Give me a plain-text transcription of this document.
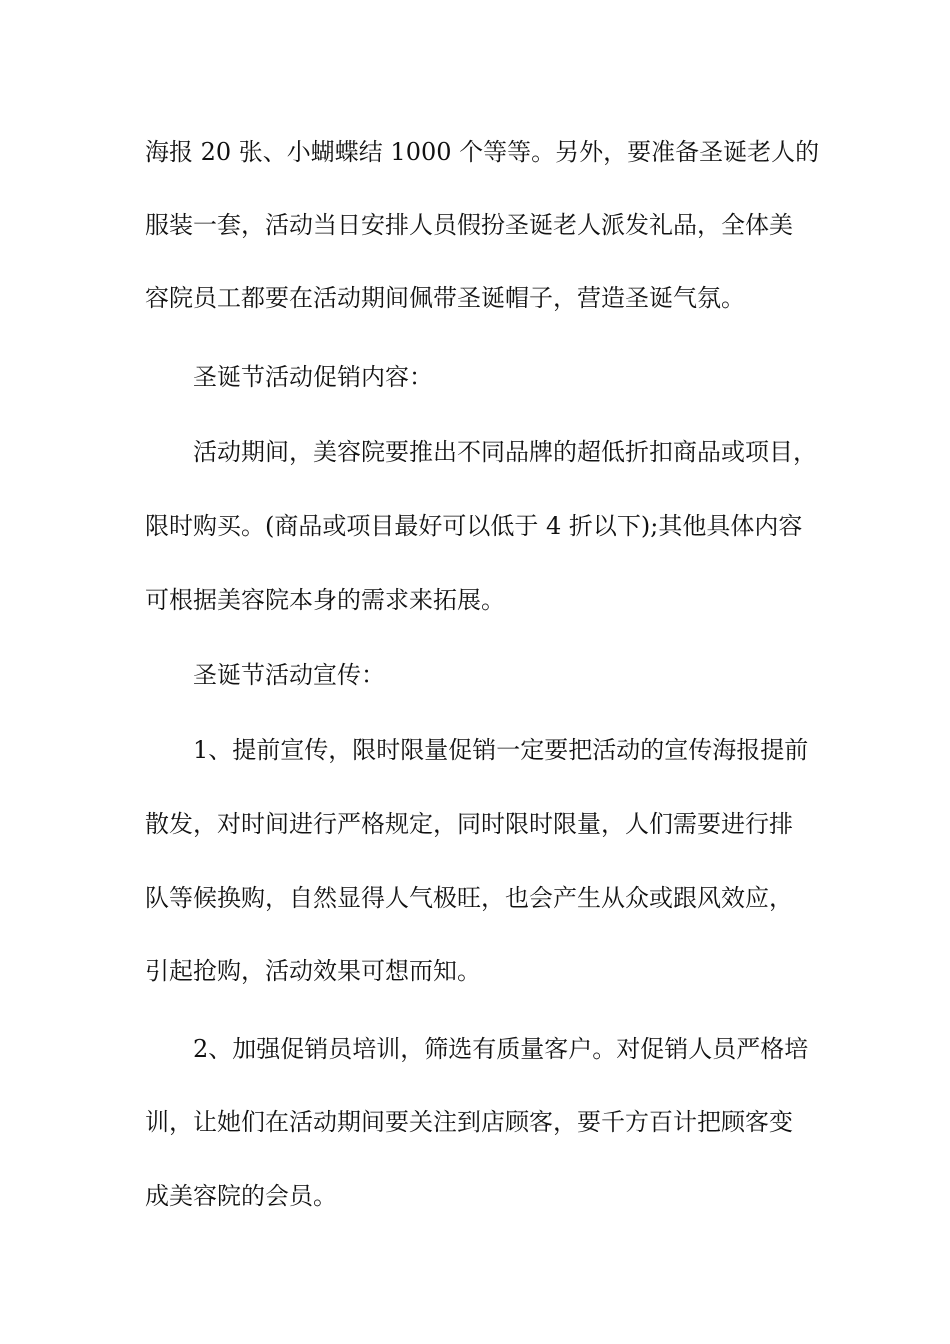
海报 20 张、小蝴蝶结 1000 个等等。另外，要准备圣诞老人的
服装一套，活动当日安排人员假扮圣诞老人派发礼品，全体美
容院员工都要在活动期间佩带圣诞帽子，营造圣诞气氛。
圣诞节活动促销内容：
活动期间，美容院要推出不同品牌的超低折扣商品或项目，
限时购买。(商品或项目最好可以低于 4 折以下);其他具体内容
可根据美容院本身的需求来拓展。
圣诞节活动宣传：
1、提前宣传，限时限量促销一定要把活动的宣传海报提前
散发，对时间进行严格规定，同时限时限量，人们需要进行排
队等候换购，自然显得人气极旺，也会产生从众或跟风效应，
引起抢购，活动效果可想而知。
2、加强促销员培训，筛选有质量客户。对促销人员严格培
训，让她们在活动期间要关注到店顾客，要千方百计把顾客变
成美容院的会员。
